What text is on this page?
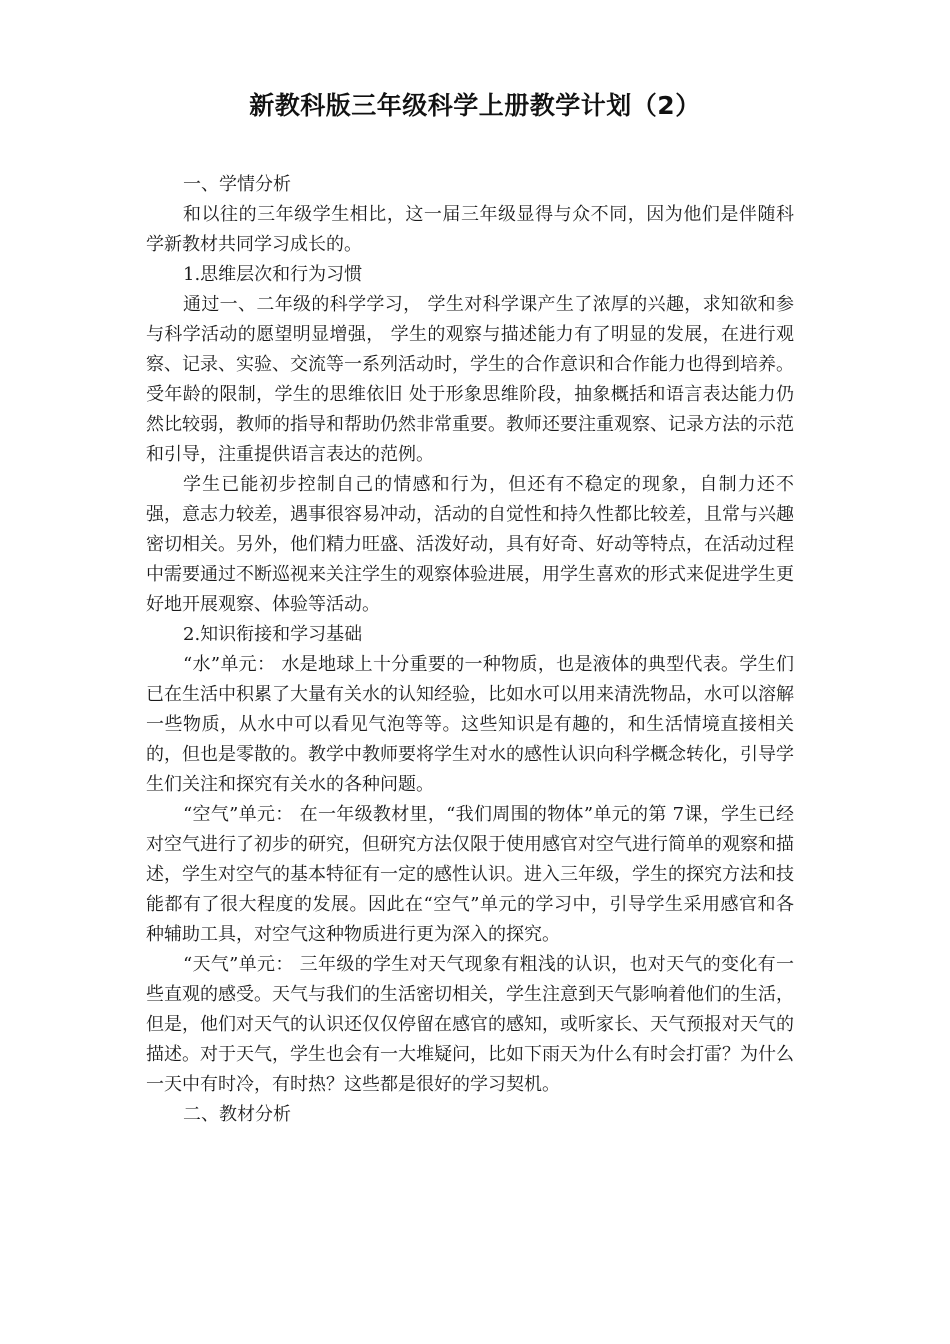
新教科版三年级科学上册教学计划（2）

一、学情分析

和以往的三年级学生相比，这一届三年级显得与众不同，因为他们是伴随科学新教材共同学习成长的。

1.思维层次和行为习惯

通过一、二年级的科学学习， 学生对科学课产生了浓厚的兴趣，求知欲和参与科学活动的愿望明显增强， 学生的观察与描述能力有了明显的发展，在进行观察、记录、实验、交流等一系列活动时，学生的合作意识和合作能力也得到培养。受年龄的限制，学生的思维依旧 处于形象思维阶段，抽象概括和语言表达能力仍然比较弱，教师的指导和帮助仍然非常重要。教师还要注重观察、记录方法的示范和引导，注重提供语言表达的范例。

学生已能初步控制自己的情感和行为，但还有不稳定的现象，自制力还不强，意志力较差，遇事很容易冲动，活动的自觉性和持久性都比较差，且常与兴趣密切相关。另外，他们精力旺盛、活泼好动，具有好奇、好动等特点，在活动过程中需要通过不断巡视来关注学生的观察体验进展，用学生喜欢的形式来促进学生更好地开展观察、体验等活动。

2.知识衔接和学习基础

“水”单元： 水是地球上十分重要的一种物质，也是液体的典型代表。学生们已在生活中积累了大量有关水的认知经验，比如水可以用来清洗物品，水可以溶解一些物质，从水中可以看见气泡等等。这些知识是有趣的，和生活情境直接相关的，但也是零散的。教学中教师要将学生对水的感性认识向科学概念转化，引导学生们关注和探究有关水的各种问题。

“空气”单元： 在一年级教材里，“我们周围的物体”单元的第 7课，学生已经对空气进行了初步的研究，但研究方法仅限于使用感官对空气进行简单的观察和描述，学生对空气的基本特征有一定的感性认识。进入三年级，学生的探究方法和技能都有了很大程度的发展。因此在“空气”单元的学习中，引导学生采用感官和各种辅助工具，对空气这种物质进行更为深入的探究。

“天气”单元： 三年级的学生对天气现象有粗浅的认识，也对天气的变化有一些直观的感受。天气与我们的生活密切相关，学生注意到天气影响着他们的生活，但是，他们对天气的认识还仅仅停留在感官的感知，或听家长、天气预报对天气的描述。对于天气，学生也会有一大堆疑问，比如下雨天为什么有时会打雷？为什么一天中有时冷，有时热？这些都是很好的学习契机。

二、教材分析
